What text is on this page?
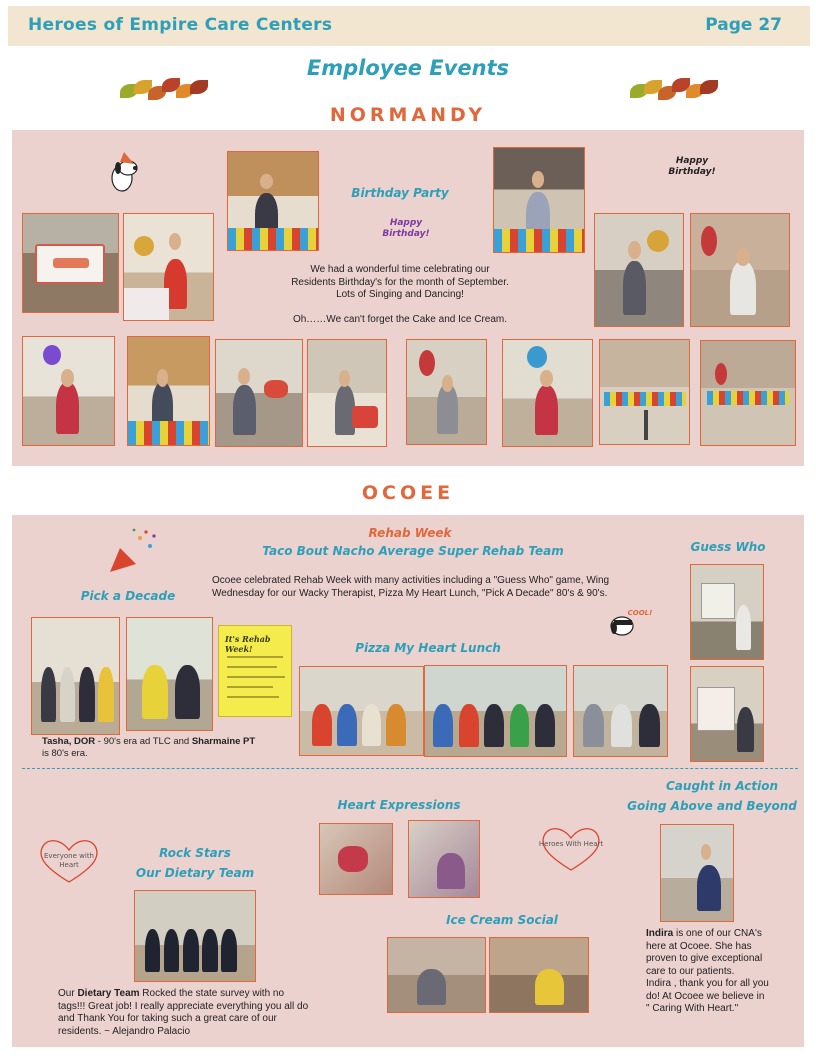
Heroes of Empire Care Centers	Page 27
Employee Events
NORMANDY
Happy Birthday!
Happy Birthday!
Birthday Party
We had a wonderful time celebrating our
Residents Birthday's for the month of September.
Lots of Singing and Dancing!
Oh……We can't forget the Cake and Ice Cream.
OCOEE
Rehab Week
Taco Bout Nacho Average Super Rehab Team
Ocoee celebrated Rehab Week with many activities including a "Guess Who" game, Wing
Wednesday for our Wacky Therapist, Pizza My Heart Lunch, "Pick A Decade" 80's & 90's.
Guess Who
Pick a Decade
COOL!
It's Rehab Week!	Pizza My Heart Lunch
Tasha, DOR - 90's era ad TLC and Sharmaine PT
is 80's era.
Caught in Action
Going Above and Beyond
Heart Expressions
Everyone with Heart
Heroes With Heart
Rock Stars
Our Dietary Team
Ice Cream Social
Our Dietary Team Rocked the state survey with no
tags!!! Great job! I really appreciate everything you all do
and Thank You for taking such a great care of our
residents. ~ Alejandro Palacio
Indira is one of our CNA's
here at Ocoee. She has
proven to give exceptional
care to our patients.
Indira , thank you for all you
do! At Ocoee we believe in
" Caring With Heart."
